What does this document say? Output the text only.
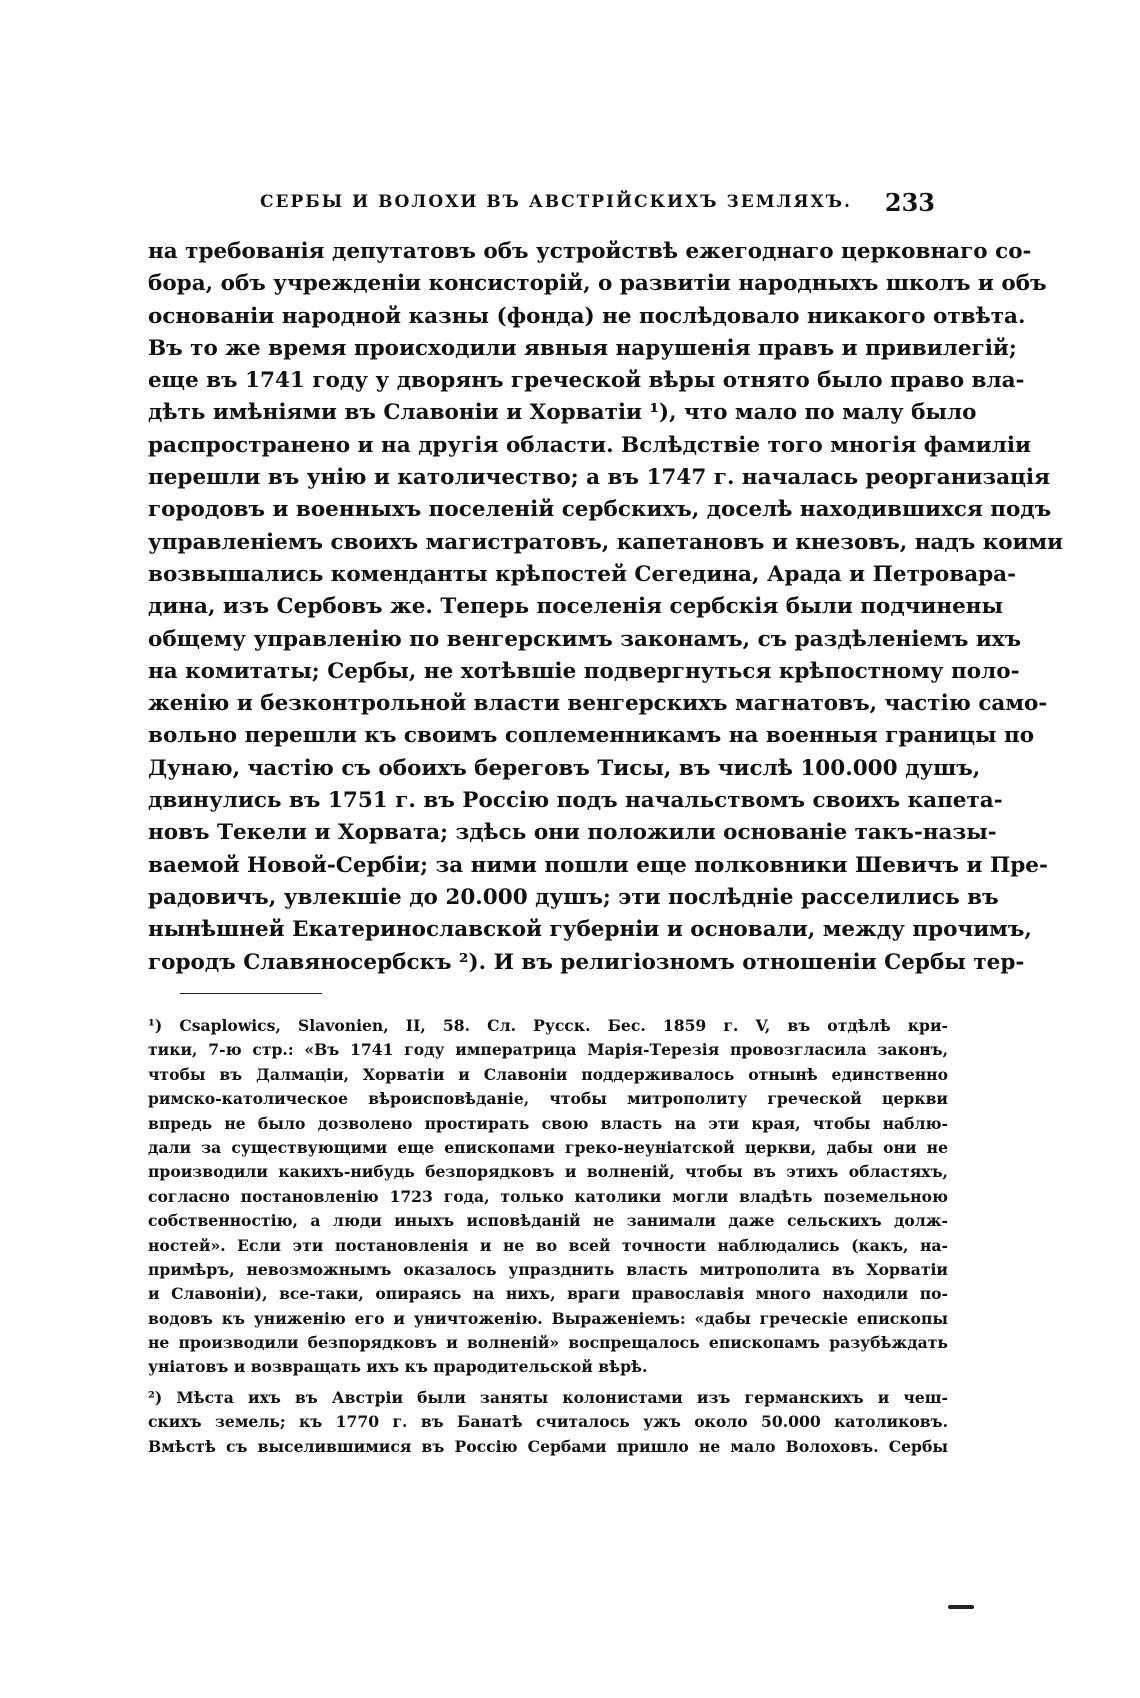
СЕРБЫ И ВОЛОХИ ВЪ АВСТРІЙСКИХЪ ЗЕМЛЯХЪ. 233
на требованія депутатовъ объ устройствѣ ежегоднаго церковнаго со-
бора, объ учрежденіи консисторій, о развитіи народныхъ школъ и объ
основаніи народной казны (фонда) не послѣдовало никакого отвѣта.
Въ то же время происходили явныя нарушенія правъ и привилегій;
еще въ 1741 году у дворянъ греческой вѣры отнято было право вла-
дѣть имѣніями въ Славоніи и Хорватіи ¹), что мало по малу было
распространено и на другія области. Вслѣдствіе того многія фамиліи
перешли въ унію и католичество; а въ 1747 г. началась реорганизація
городовъ и военныхъ поселеній сербскихъ, доселѣ находившихся подъ
управленіемъ своихъ магистратовъ, капетановъ и кнезовъ, надъ коими
возвышались коменданты крѣпостей Сегедина, Арада и Петровара-
дина, изъ Сербовъ же. Теперь поселенія сербскія были подчинены
общему управленію по венгерскимъ законамъ, съ раздѣленіемъ ихъ
на комитаты; Сербы, не хотѣвшіе подвергнуться крѣпостному поло-
женію и безконтрольной власти венгерскихъ магнатовъ, частію само-
вольно перешли къ своимъ соплеменникамъ на военныя границы по
Дунаю, частію съ обоихъ береговъ Тисы, въ числѣ 100.000 душъ,
двинулись въ 1751 г. въ Россію подъ начальствомъ своихъ капета-
новъ Текели и Хорвата; здѣсь они положили основаніе такъ-назы-
ваемой Новой-Сербіи; за ними пошли еще полковники Шевичъ и Пре-
радовичъ, увлекшіе до 20.000 душъ; эти послѣдніе расселились въ
нынѣшней Екатеринославской губерніи и основали, между прочимъ,
городъ Славяносербскъ ²). И въ религіозномъ отношеніи Сербы тер-
¹) Csaplowics, Slavonien, II, 58. Сл. Русск. Бес. 1859 г. V, въ отдѣлѣ кри-
тики, 7-ю стр.: «Въ 1741 году императрица Марія-Терезія провозгласила законъ,
чтобы въ Далмаціи, Хорватіи и Славоніи поддерживалось отнынѣ единственно
римско-католическое вѣроисповѣданіе, чтобы митрополиту греческой церкви
впредь не было дозволено простирать свою власть на эти края, чтобы наблю-
дали за существующими еще епископами греко-неуніатской церкви, дабы они не
производили какихъ-нибудь безпорядковъ и волненій, чтобы въ этихъ областяхъ,
согласно постановленію 1723 года, только католики могли владѣть поземельною
собственностію, а люди иныхъ исповѣданій не занимали даже сельскихъ долж-
ностей». Если эти постановленія и не во всей точности наблюдались (какъ, на-
примѣръ, невозможнымъ оказалось упразднить власть митрополита въ Хорватіи
и Славоніи), все-таки, опираясь на нихъ, враги православія много находили по-
водовъ къ униженію его и уничтоженію. Выраженіемъ: «дабы греческіе епископы
не производили безпорядковъ и волненій» воспрещалось епископамъ разубѣждать
уніатовъ и возвращать ихъ къ прародительской вѣрѣ.
²) Мѣста ихъ въ Австріи были заняты колонистами изъ германскихъ и чеш-
скихъ земель; къ 1770 г. въ Банатѣ считалось ужъ около 50.000 католиковъ.
Вмѣстѣ съ выселившимися въ Россію Сербами пришло не мало Волоховъ. Сербы
